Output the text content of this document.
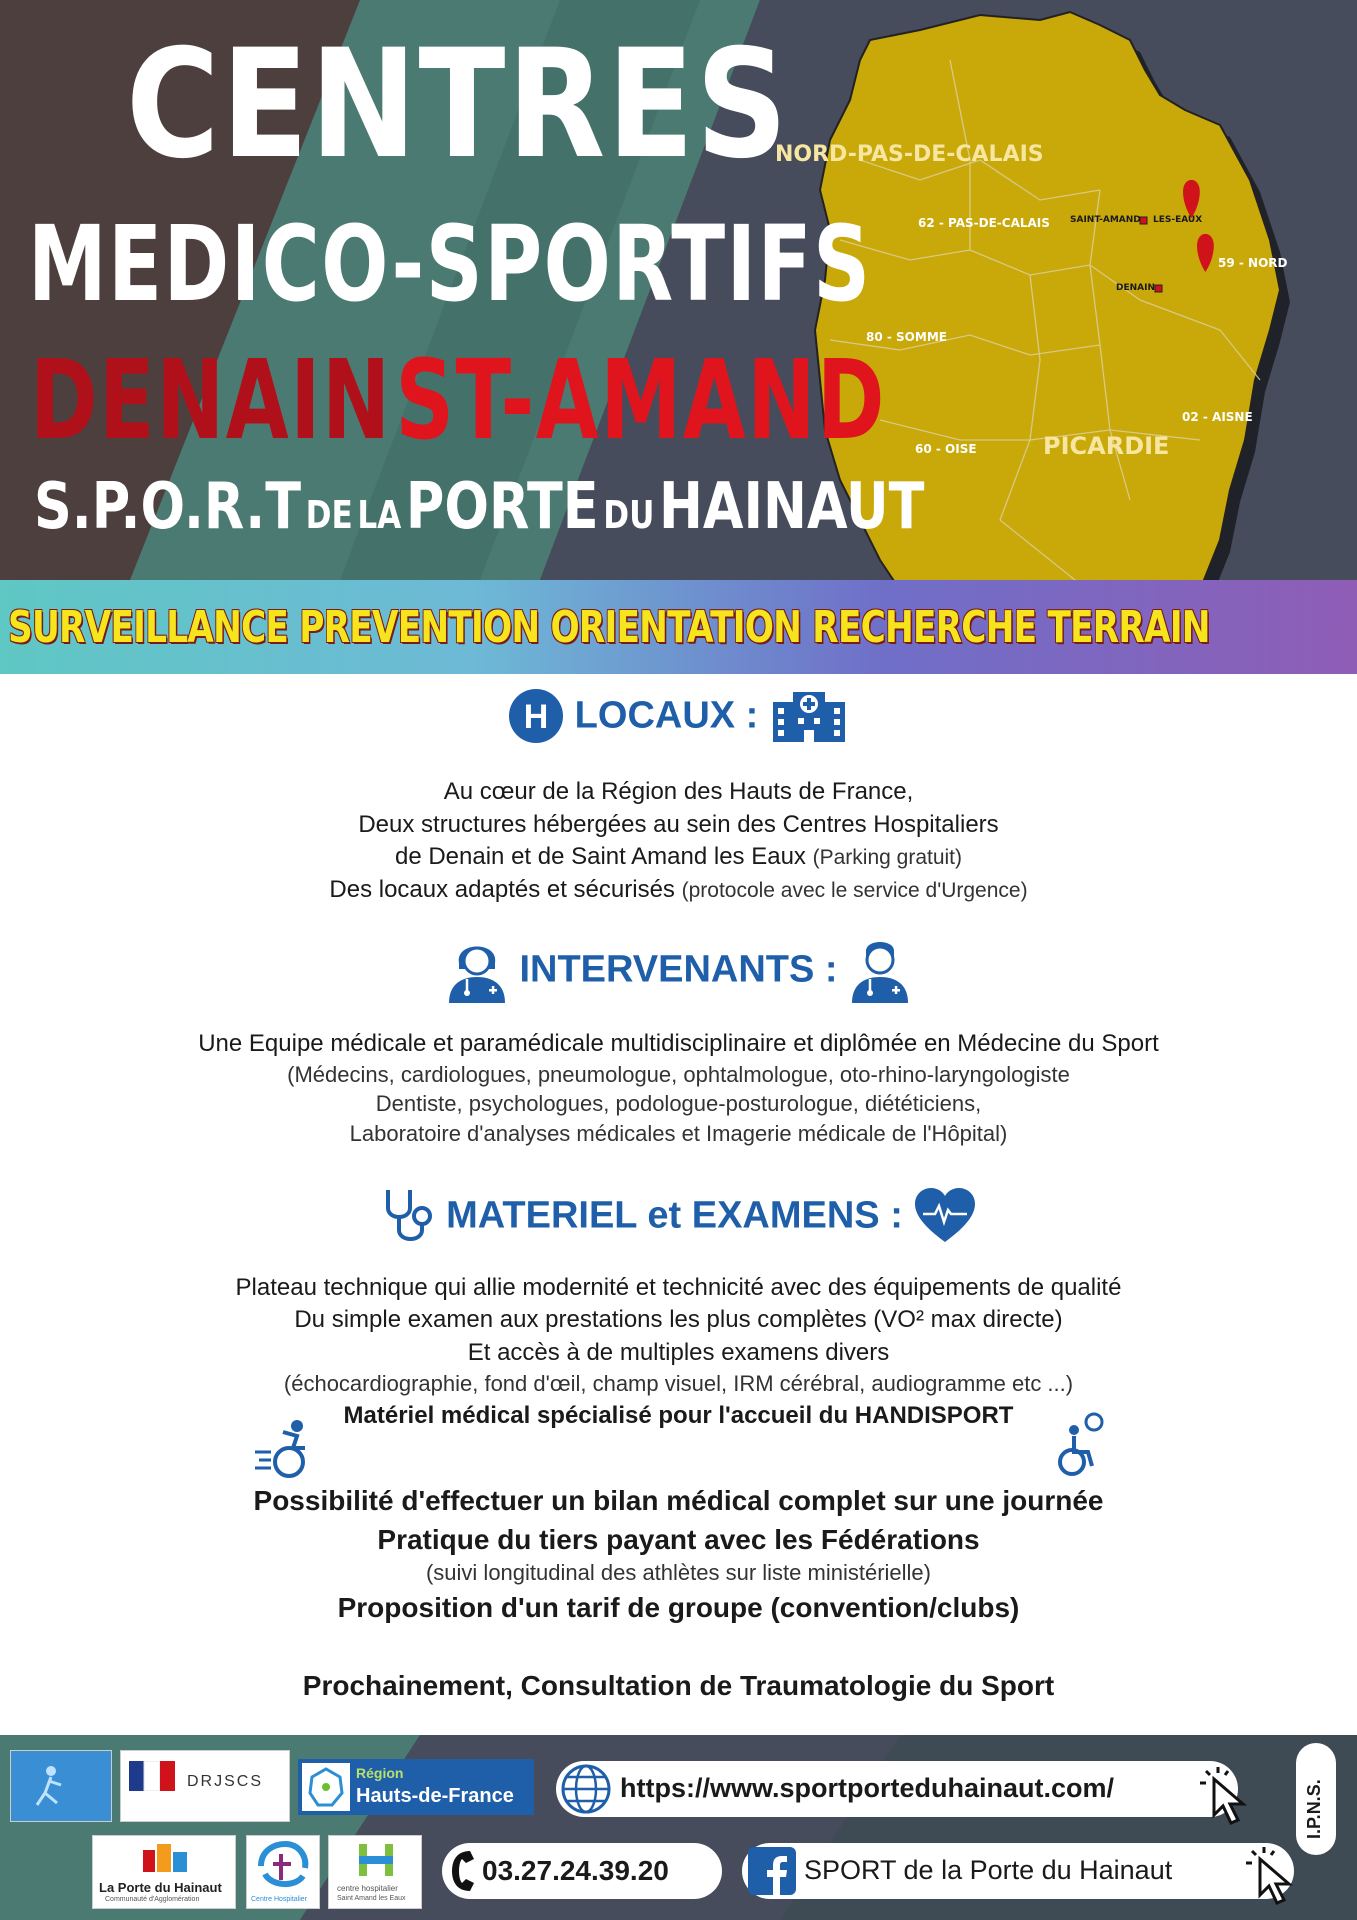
NORD-PAS-DE-CALAIS
62 - PAS-DE-CALAIS
59 - NORD
80 - SOMME
60 - OISE
02 - AISNE
PICARDIE
SAINT-AMAND LES-EAUX
DENAIN
CENTRES
MEDICO-SPORTIFS
DENAIN ST-AMAND
S.P.O.R.T DE LA PORTE DU HAINAUT
SURVEILLANCE PREVENTION ORIENTATION RECHERCHE TERRAIN
H LOCAUX :
Au cœur de la Région des Hauts de France,
Deux structures hébergées au sein des Centres Hospitaliers
de Denain et de Saint Amand les Eaux (Parking gratuit)
Des locaux adaptés et sécurisés (protocole avec le service d'Urgence)
INTERVENANTS :
Une Equipe médicale et paramédicale multidisciplinaire et diplômée en Médecine du Sport
(Médecins, cardiologues, pneumologue, ophtalmologue, oto-rhino-laryngologiste
Dentiste, psychologues, podologue-posturologue, diététiciens,
Laboratoire d'analyses médicales et Imagerie médicale de l'Hôpital)
MATERIEL et EXAMENS :
Plateau technique qui allie modernité et technicité avec des équipements de qualité
Du simple examen aux prestations les plus complètes (VO² max directe)
Et accès à de multiples examens divers
(échocardiographie, fond d'œil, champ visuel, IRM cérébral, audiogramme etc ...)
Matériel médical spécialisé pour l'accueil du HANDISPORT
Possibilité d'effectuer un bilan médical complet sur une journée
Pratique du tiers payant avec les Fédérations
(suivi longitudinal des athlètes sur liste ministérielle)
Proposition d'un tarif de groupe (convention/clubs)
Prochainement, Consultation de Traumatologie du Sport
DRJSCS	Région
Hauts-de-France	https://www.sportporteduhainaut.com/	I.P.N.S.
La Porte du Hainaut
Communauté d'Agglomération	Centre Hospitalier
centre hospitalier
Saint Amand les Eaux
03.27.24.39.20	SPORT de la Porte du Hainaut
